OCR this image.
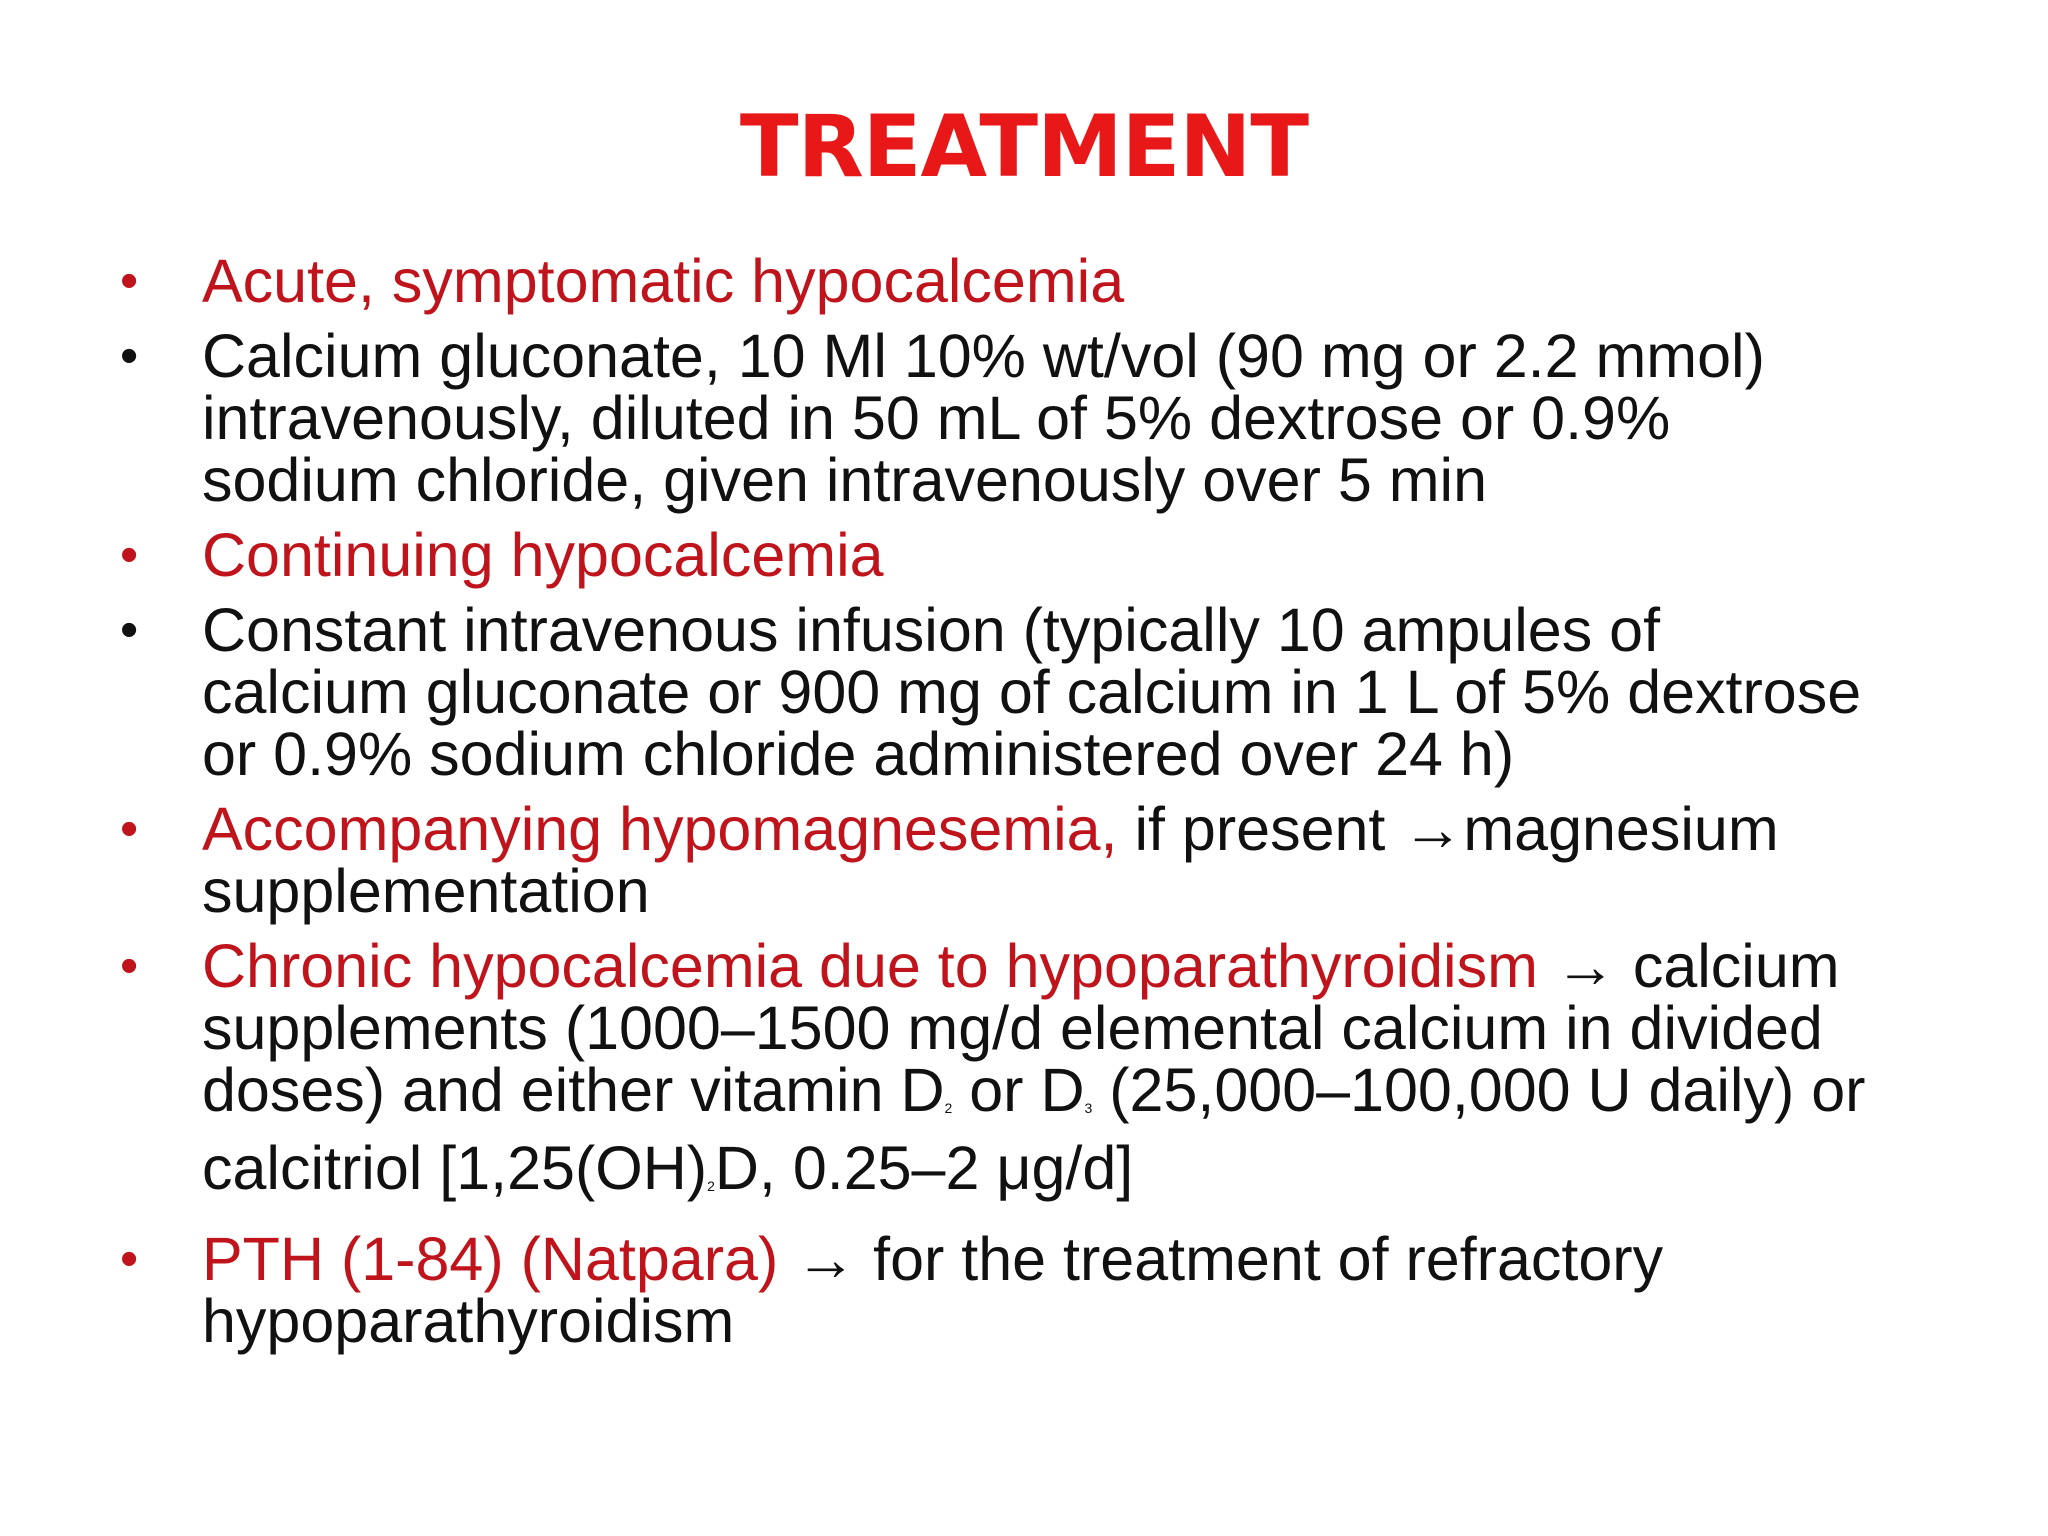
TREATMENT
• Acute, symptomatic hypocalcemia
• Calcium gluconate, 10 Ml 10% wt/vol (90 mg or 2.2 mmol)
intravenously, diluted in 50 mL of 5% dextrose or 0.9%
sodium chloride, given intravenously over 5 min
• Continuing hypocalcemia
• Constant intravenous infusion (typically 10 ampules of
calcium gluconate or 900 mg of calcium in 1 L of 5% dextrose
or 0.9% sodium chloride administered over 24 h)
• Accompanying hypomagnesemia, if present →magnesium
supplementation
• Chronic hypocalcemia due to hypoparathyroidism → calcium
supplements (1000–1500 mg/d elemental calcium in divided
doses) and either vitamin D2 or D3 (25,000–100,000 U daily) or
calcitriol [1,25(OH)2D, 0.25–2 μg/d]
• PTH (1-84) (Natpara) → for the treatment of refractory
hypoparathyroidism
